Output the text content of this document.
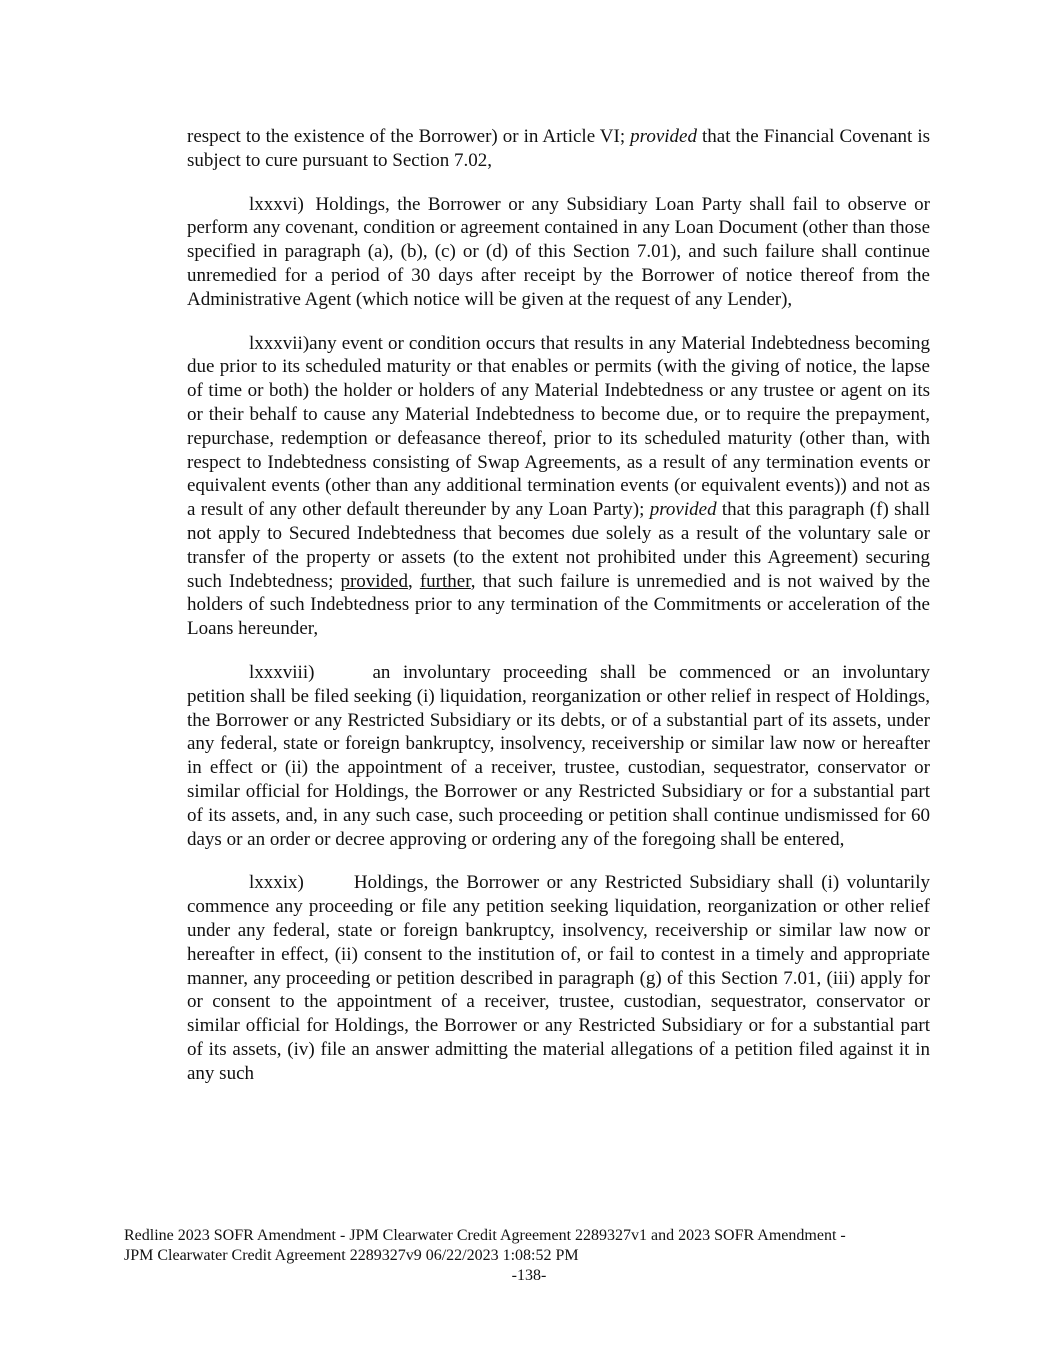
respect to the existence of the Borrower) or in Article VI; provided that the Financial Covenant is subject to cure pursuant to Section 7.02,

lxxxvi) Holdings, the Borrower or any Subsidiary Loan Party shall fail to observe or perform any covenant, condition or agreement contained in any Loan Document (other than those specified in paragraph (a), (b), (c) or (d) of this Section 7.01), and such failure shall continue unremedied for a period of 30 days after receipt by the Borrower of notice thereof from the Administrative Agent (which notice will be given at the request of any Lender),

lxxxvii)any event or condition occurs that results in any Material Indebtedness becoming due prior to its scheduled maturity or that enables or permits (with the giving of notice, the lapse of time or both) the holder or holders of any Material Indebtedness or any trustee or agent on its or their behalf to cause any Material Indebtedness to become due, or to require the prepayment, repurchase, redemption or defeasance thereof, prior to its scheduled maturity (other than, with respect to Indebtedness consisting of Swap Agreements, as a result of any termination events or equivalent events (other than any additional termination events (or equivalent events)) and not as a result of any other default thereunder by any Loan Party); provided that this paragraph (f) shall not apply to Secured Indebtedness that becomes due solely as a result of the voluntary sale or transfer of the property or assets (to the extent not prohibited under this Agreement) securing such Indebtedness; provided, further, that such failure is unremedied and is not waived by the holders of such Indebtedness prior to any termination of the Commitments or acceleration of the Loans hereunder,

lxxxviii)	an involuntary proceeding shall be commenced or an involuntary petition shall be filed seeking (i) liquidation, reorganization or other relief in respect of Holdings, the Borrower or any Restricted Subsidiary or its debts, or of a substantial part of its assets, under any federal, state or foreign bankruptcy, insolvency, receivership or similar law now or hereafter in effect or (ii) the appointment of a receiver, trustee, custodian, sequestrator, conservator or similar official for Holdings, the Borrower or any Restricted Subsidiary or for a substantial part of its assets, and, in any such case, such proceeding or petition shall continue undismissed for 60 days or an order or decree approving or ordering any of the foregoing shall be entered,

lxxxix)	Holdings, the Borrower or any Restricted Subsidiary shall (i) voluntarily commence any proceeding or file any petition seeking liquidation, reorganization or other relief under any federal, state or foreign bankruptcy, insolvency, receivership or similar law now or hereafter in effect, (ii) consent to the institution of, or fail to contest in a timely and appropriate manner, any proceeding or petition described in paragraph (g) of this Section 7.01, (iii) apply for or consent to the appointment of a receiver, trustee, custodian, sequestrator, conservator or similar official for Holdings, the Borrower or any Restricted Subsidiary or for a substantial part of its assets, (iv) file an answer admitting the material allegations of a petition filed against it in any such

Redline 2023 SOFR Amendment - JPM Clearwater Credit Agreement 2289327v1 and 2023 SOFR Amendment -
JPM Clearwater Credit Agreement 2289327v9 06/22/2023 1:08:52 PM
-138-
